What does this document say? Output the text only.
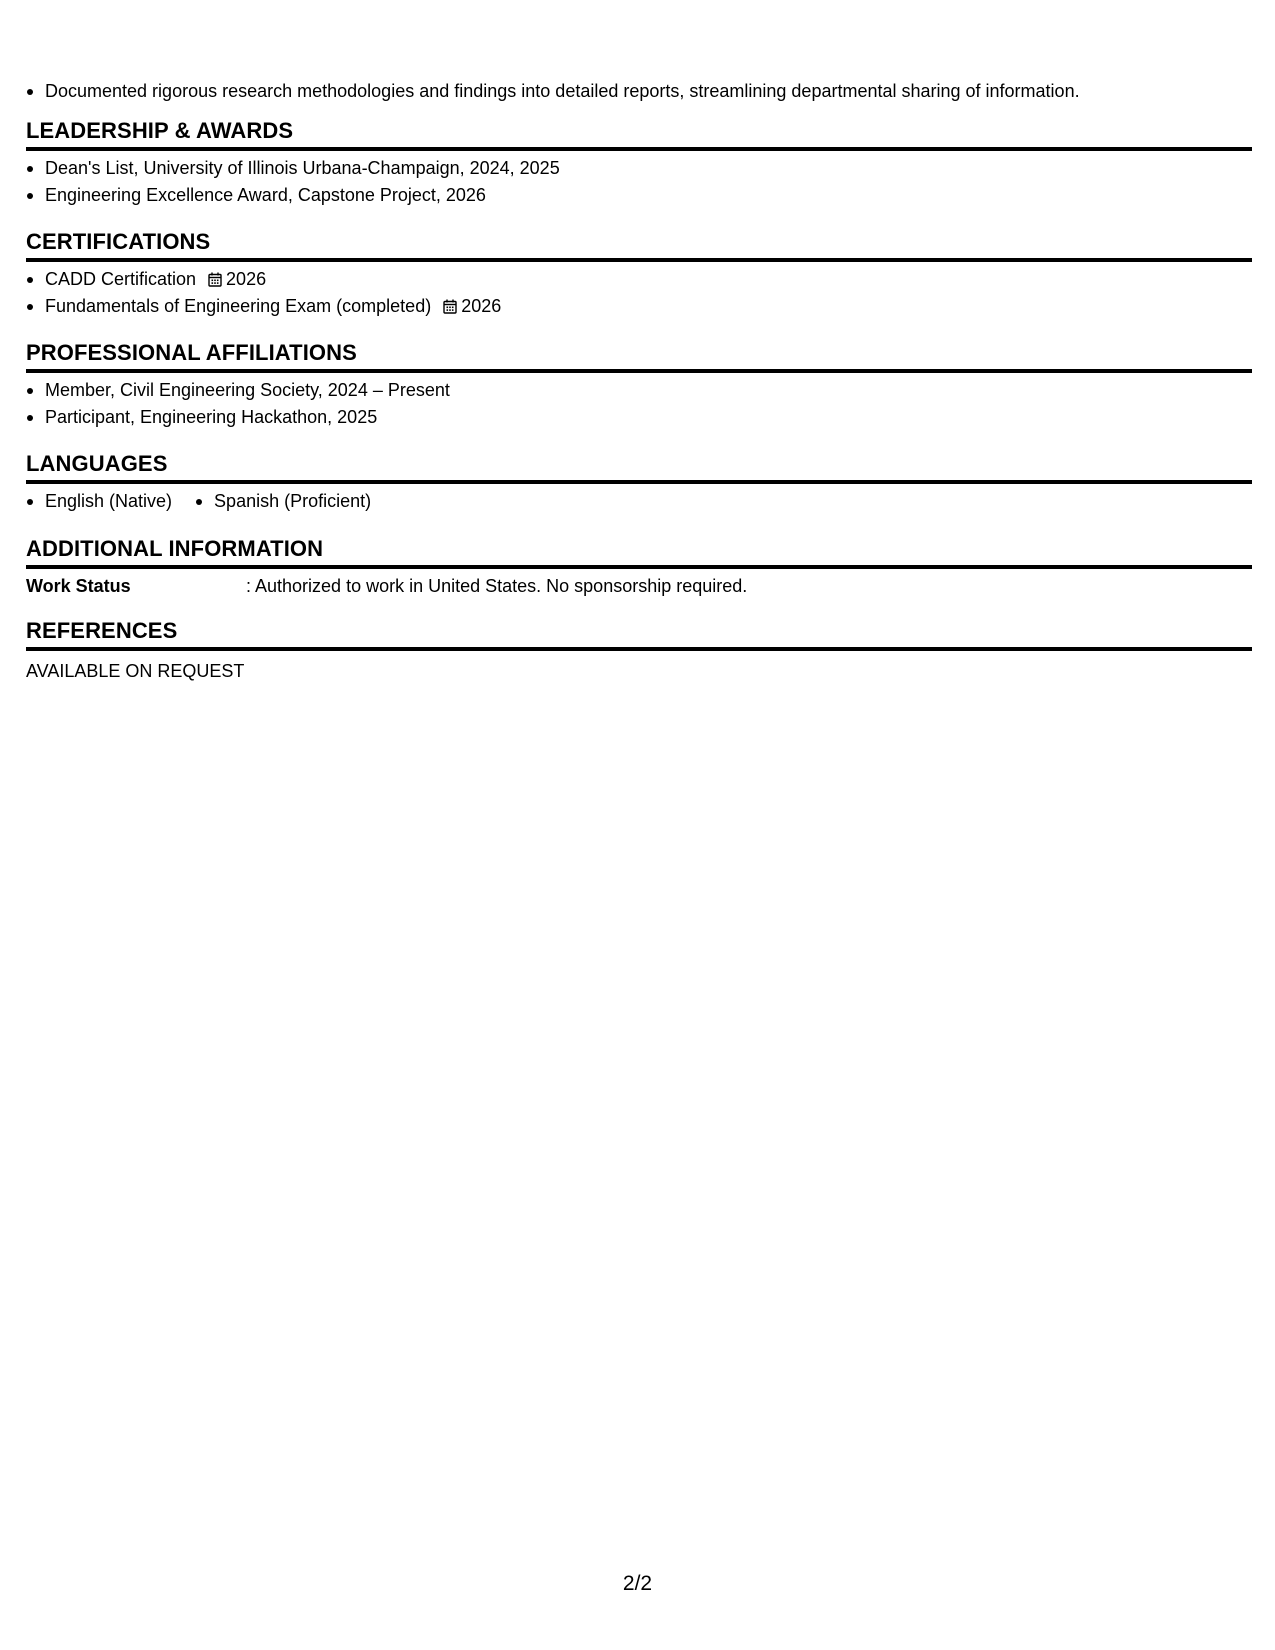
Documented rigorous research methodologies and findings into detailed reports, streamlining departmental sharing of information.
LEADERSHIP & AWARDS
Dean's List, University of Illinois Urbana-Champaign, 2024, 2025
Engineering Excellence Award, Capstone Project, 2026
CERTIFICATIONS
CADD Certification 2026
Fundamentals of Engineering Exam (completed) 2026
PROFESSIONAL AFFILIATIONS
Member, Civil Engineering Society, 2024 – Present
Participant, Engineering Hackathon, 2025
LANGUAGES
English (Native)	Spanish (Proficient)
ADDITIONAL INFORMATION
Work Status	: Authorized to work in United States. No sponsorship required.
REFERENCES
AVAILABLE ON REQUEST
2/2
